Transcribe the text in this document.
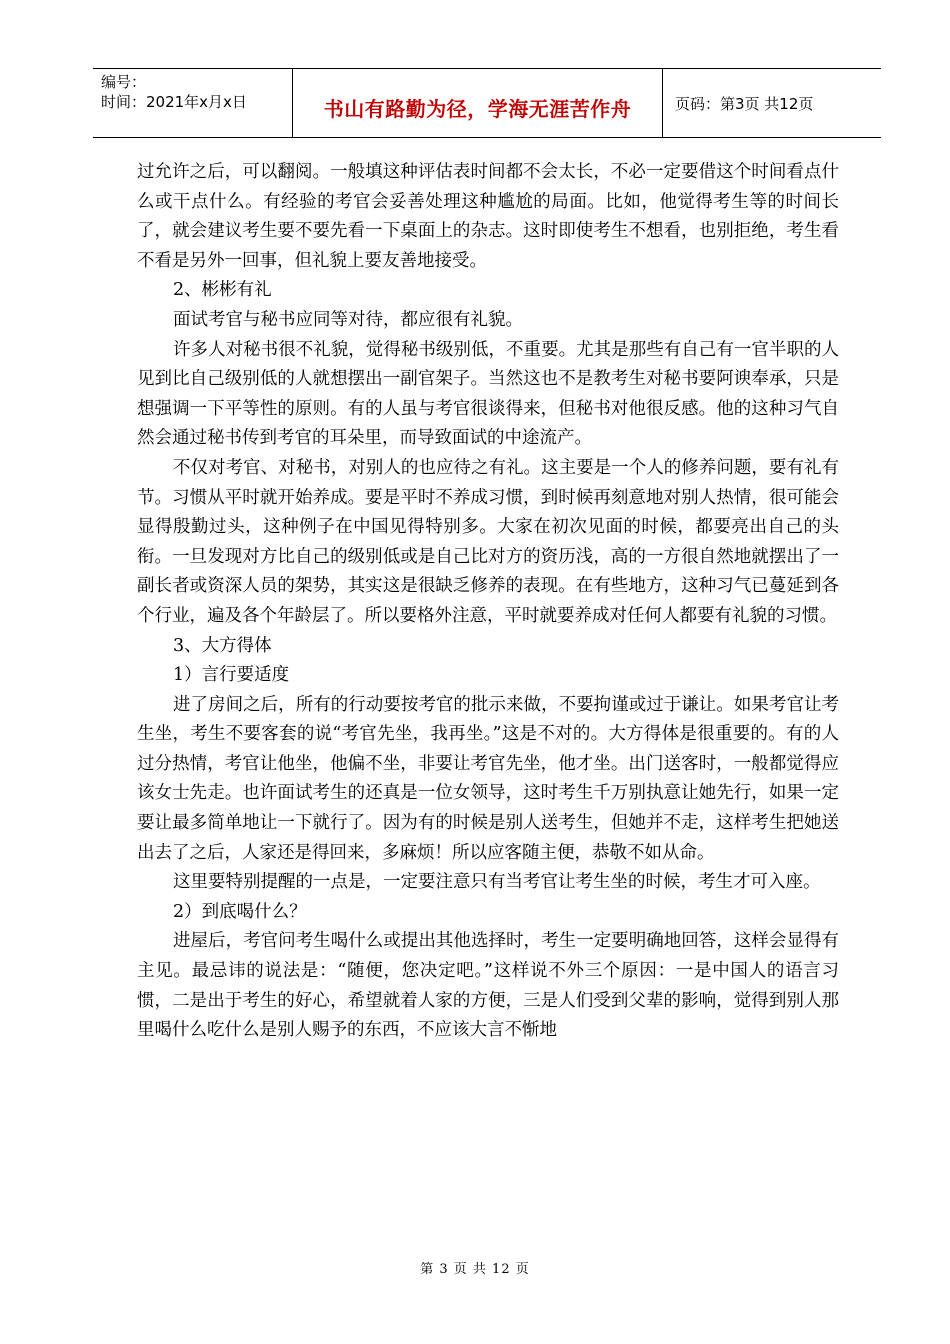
编号：
时间：2021年x月x日	书山有路勤为径，学海无涯苦作舟	页码：第3页 共12页

过允许之后，可以翻阅。一般填这种评估表时间都不会太长，不必一定要借这个时间看点什么或干点什么。有经验的考官会妥善处理这种尴尬的局面。比如，他觉得考生等的时间长了，就会建议考生要不要先看一下桌面上的杂志。这时即使考生不想看，也别拒绝，考生看不看是另外一回事，但礼貌上要友善地接受。

2、彬彬有礼

面试考官与秘书应同等对待，都应很有礼貌。

许多人对秘书很不礼貌，觉得秘书级别低，不重要。尤其是那些有自己有一官半职的人见到比自己级别低的人就想摆出一副官架子。当然这也不是教考生对秘书要阿谀奉承，只是想强调一下平等性的原则。有的人虽与考官很谈得来，但秘书对他很反感。他的这种习气自然会通过秘书传到考官的耳朵里，而导致面试的中途流产。

不仅对考官、对秘书，对别人的也应待之有礼。这主要是一个人的修养问题，要有礼有节。习惯从平时就开始养成。要是平时不养成习惯，到时候再刻意地对别人热情，很可能会显得殷勤过头，这种例子在中国见得特别多。大家在初次见面的时候，都要亮出自己的头衔。一旦发现对方比自己的级别低或是自己比对方的资历浅，高的一方很自然地就摆出了一副长者或资深人员的架势，其实这是很缺乏修养的表现。在有些地方，这种习气已蔓延到各个行业，遍及各个年龄层了。所以要格外注意，平时就要养成对任何人都要有礼貌的习惯。

3、大方得体

1）言行要适度

进了房间之后，所有的行动要按考官的批示来做，不要拘谨或过于谦让。如果考官让考生坐，考生不要客套的说“考官先坐，我再坐。”这是不对的。大方得体是很重要的。有的人过分热情，考官让他坐，他偏不坐，非要让考官先坐，他才坐。出门送客时，一般都觉得应该女士先走。也许面试考生的还真是一位女领导，这时考生千万别执意让她先行，如果一定要让最多简单地让一下就行了。因为有的时候是别人送考生，但她并不走，这样考生把她送出去了之后，人家还是得回来，多麻烦！所以应客随主便，恭敬不如从命。

这里要特别提醒的一点是，一定要注意只有当考官让考生坐的时候，考生才可入座。

2）到底喝什么？

进屋后，考官问考生喝什么或提出其他选择时，考生一定要明确地回答，这样会显得有主见。最忌讳的说法是：“随便，您决定吧。”这样说不外三个原因：一是中国人的语言习惯，二是出于考生的好心，希望就着人家的方便，三是人们受到父辈的影响，觉得到别人那里喝什么吃什么是别人赐予的东西，不应该大言不惭地

第 3 页 共 12 页
